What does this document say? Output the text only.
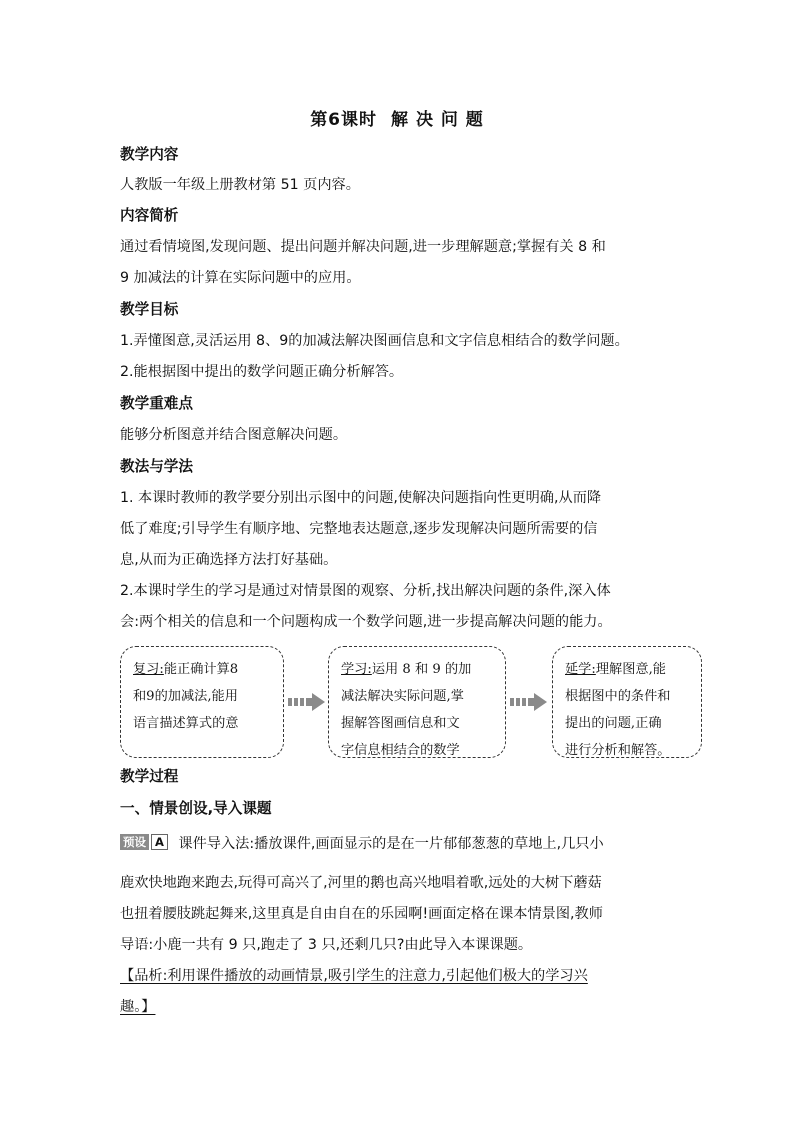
第6课时 解 决 问 题
教学内容
人教版一年级上册教材第 51 页内容。
内容简析
通过看情境图,发现问题、提出问题并解决问题,进一步理解题意;掌握有关 8 和
9 加减法的计算在实际问题中的应用。
教学目标
1.弄懂图意,灵活运用 8、9的加减法解决图画信息和文字信息相结合的数学问题。
2.能根据图中提出的数学问题正确分析解答。
教学重难点
能够分析图意并结合图意解决问题。
教法与学法
1. 本课时教师的教学要分别出示图中的问题,使解决问题指向性更明确,从而降
低了难度;引导学生有顺序地、完整地表达题意,逐步发现解决问题所需要的信
息,从而为正确选择方法打好基础。
2.本课时学生的学习是通过对情景图的观察、分析,找出解决问题的条件,深入体
会:两个相关的信息和一个问题构成一个数学问题,进一步提高解决问题的能力。
复习:能正确计算8
和9的加减法,能用
语言描述算式的意
学习:运用 8 和 9 的加
减法解决实际问题,掌
握解答图画信息和文
字信息相结合的数学
延学:理解图意,能
根据图中的条件和
提出的问题,正确
进行分析和解答。
教学过程
一、情景创设,导入课题
预设 A 课件导入法:播放课件,画面显示的是在一片郁郁葱葱的草地上,几只小
鹿欢快地跑来跑去,玩得可高兴了,河里的鹅也高兴地唱着歌,远处的大树下蘑菇
也扭着腰肢跳起舞来,这里真是自由自在的乐园啊!画面定格在课本情景图,教师
导语:小鹿一共有 9 只,跑走了 3 只,还剩几只?由此导入本课课题。
【品析:利用课件播放的动画情景,吸引学生的注意力,引起他们极大的学习兴
趣。】
